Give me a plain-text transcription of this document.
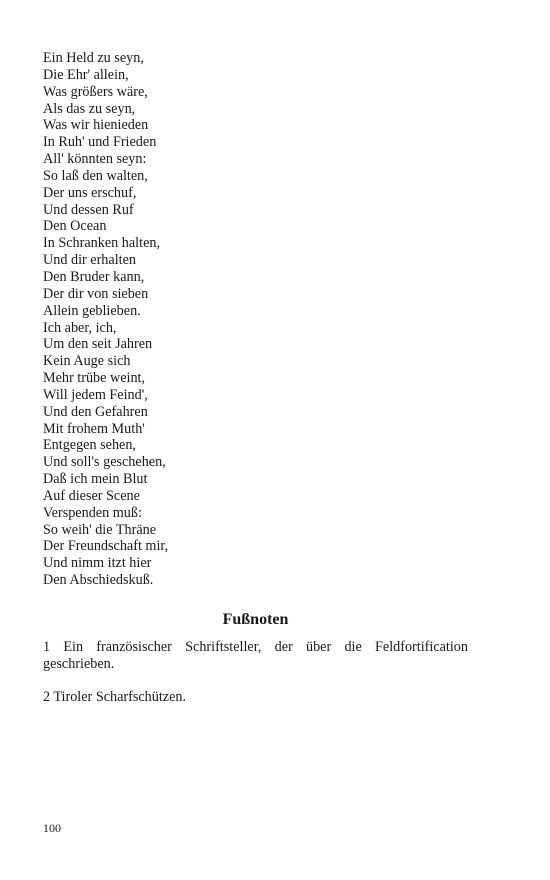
Ein Held zu seyn,
Die Ehr' allein,
Was größers wäre,
Als das zu seyn,
Was wir hienieden
In Ruh' und Frieden
All' könnten seyn:
So laß den walten,
Der uns erschuf,
Und dessen Ruf
Den Ocean
In Schranken halten,
Und dir erhalten
Den Bruder kann,
Der dir von sieben
Allein geblieben.
Ich aber, ich,
Um den seit Jahren
Kein Auge sich
Mehr trübe weint,
Will jedem Feind',
Und den Gefahren
Mit frohem Muth'
Entgegen sehen,
Und soll's geschehen,
Daß ich mein Blut
Auf dieser Scene
Verspenden muß:
So weih' die Thräne
Der Freundschaft mir,
Und nimm itzt hier
Den Abschiedskuß.
Fußnoten

1 Ein französischer Schriftsteller, der über die Feldfortification geschrieben.

2 Tiroler Scharfschützen.

100
